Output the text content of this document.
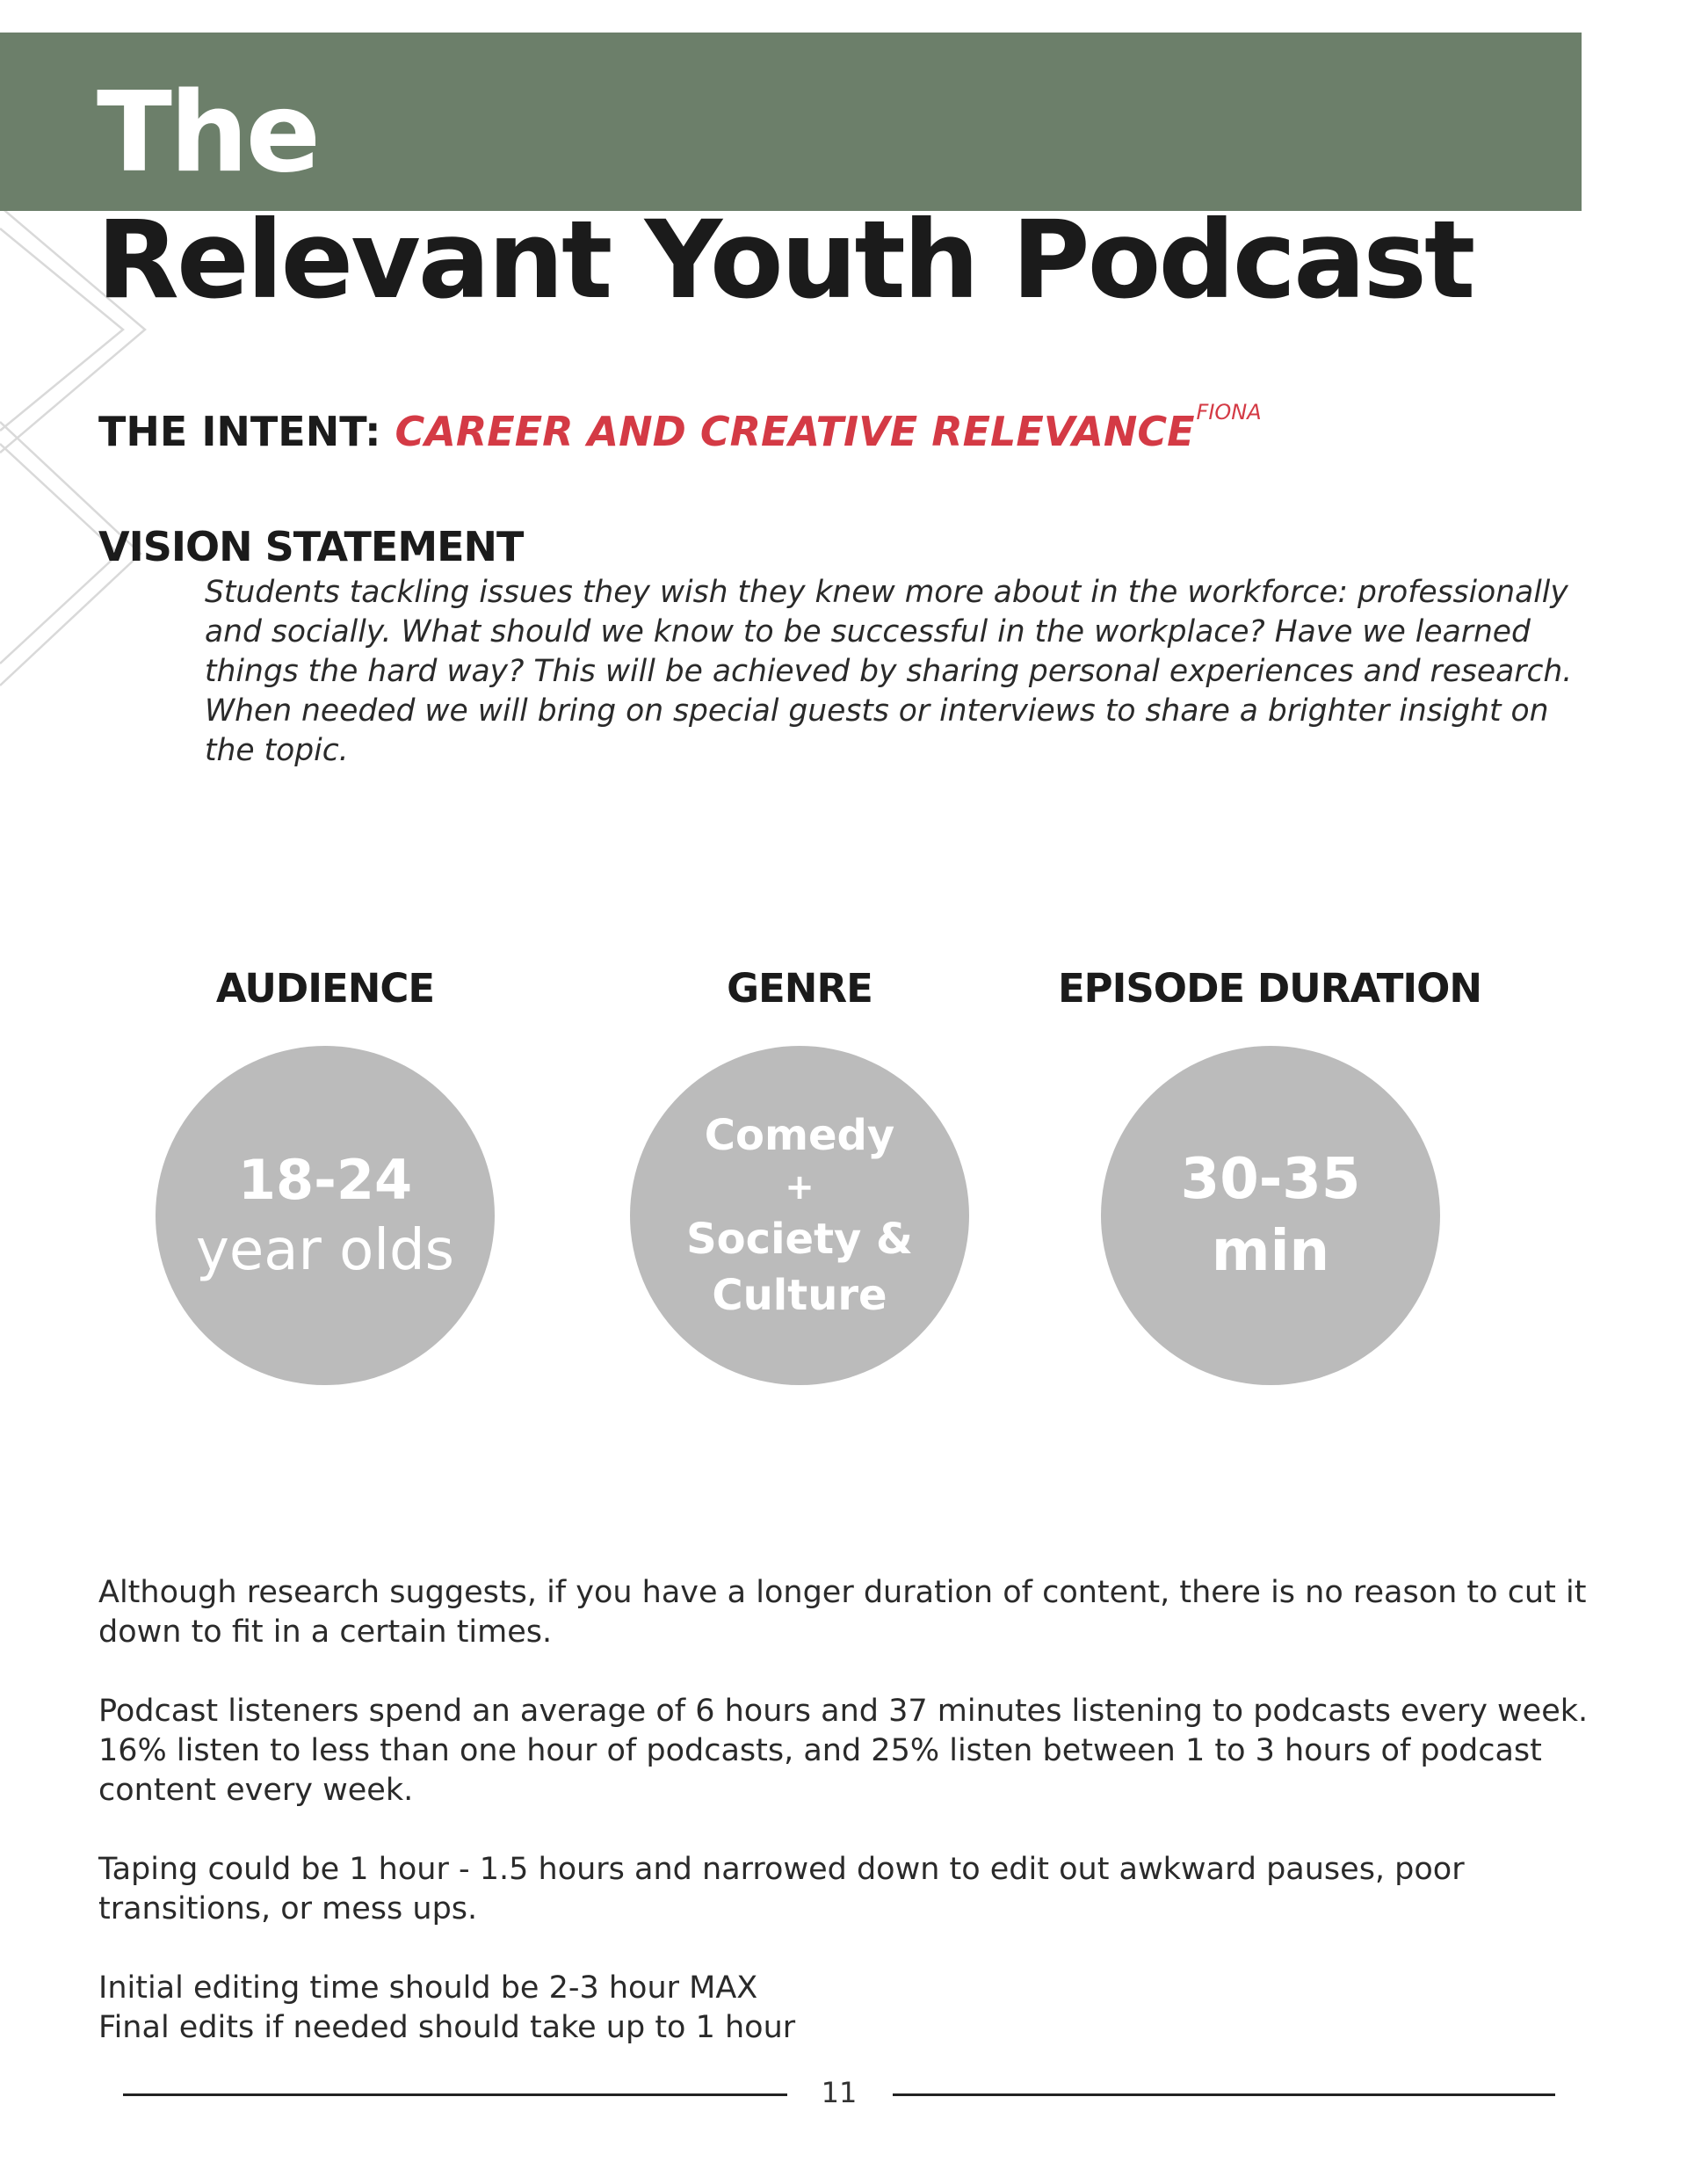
The
Relevant Youth Podcast
THE INTENT: CAREER AND CREATIVE $RELEVANCE^{FIONA}$
VISION STATEMENT

Students tackling issues they wish they knew more about in the workforce: professionally and socially. What should we know to be successful in the workplace? Have we learned things the hard way? This will be achieved by sharing personal experiences and research. When needed we will bring on special guests or interviews to share a brighter insight on the topic.

AUDIENCE
18-24
year olds
GENRE
Comedy
+
Society &
Culture
EPISODE DURATION
30-35
min

Although research suggests, if you have a longer duration of content, there is no reason to cut it down to fit in a certain times.

Podcast listeners spend an average of 6 hours and 37 minutes listening to podcasts every week. 16% listen to less than one hour of podcasts, and 25% listen between 1 to 3 hours of podcast content every week.

Taping could be 1 hour - 1.5 hours and narrowed down to edit out awkward pauses, poor transitions, or mess ups.

Initial editing time should be 2-3 hour MAX

Final edits if needed should take up to 1 hour

11
